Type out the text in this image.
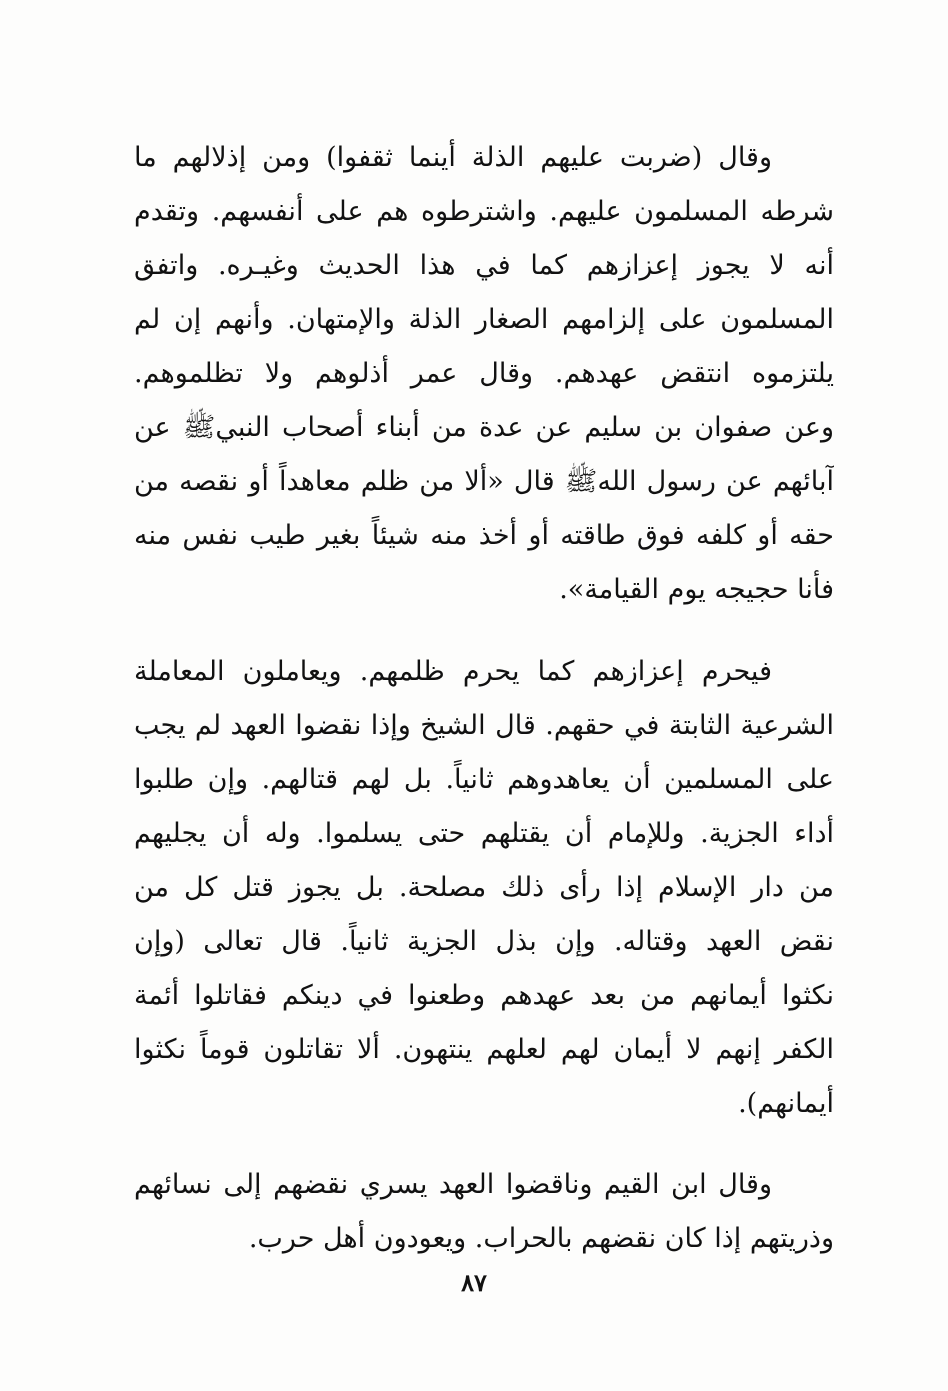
وقال (ضربت عليهم الذلة أينما ثقفوا) ومن إذلالهم ما
شرطه المسلمون عليهم. واشترطوه هم على أنفسهم. وتقدم
أنه لا يجوز إعزازهم كما في هذا الحديث وغيـره. واتفق
المسلمون على إلزامهم الصغار الذلة والإمتهان. وأنهم إن لم
يلتزموه انتقض عهدهم. وقال عمر أذلوهم ولا تظلموهم.
وعن صفوان بن سليم عن عدة من أبناء أصحاب النبيﷺ عن
آبائهم عن رسول اللهﷺ قال «ألا من ظلم معاهداً أو نقصه من
حقه أو كلفه فوق طاقته أو أخذ منه شيئاً بغير طيب نفس منه
فأنا حجيجه يوم القيامة».
فيحرم إعزازهم كما يحرم ظلمهم. ويعاملون المعاملة
الشرعية الثابتة في حقهم. قال الشيخ وإذا نقضوا العهد لم يجب
على المسلمين أن يعاهدوهم ثانياً. بل لهم قتالهم. وإن طلبوا
أداء الجزية. وللإمام أن يقتلهم حتى يسلموا. وله أن يجليهم
من دار الإسلام إذا رأى ذلك مصلحة. بل يجوز قتل كل من
نقض العهد وقتاله. وإن بذل الجزية ثانياً. قال تعالى (وإن
نكثوا أيمانهم من بعد عهدهم وطعنوا في دينكم فقاتلوا أئمة
الكفر إنهم لا أيمان لهم لعلهم ينتهون. ألا تقاتلون قوماً نكثوا
أيمانهم).
وقال ابن القيم وناقضوا العهد يسري نقضهم إلى نسائهم
وذريتهم إذا كان نقضهم بالحراب. ويعودون أهل حرب.
٨٧
